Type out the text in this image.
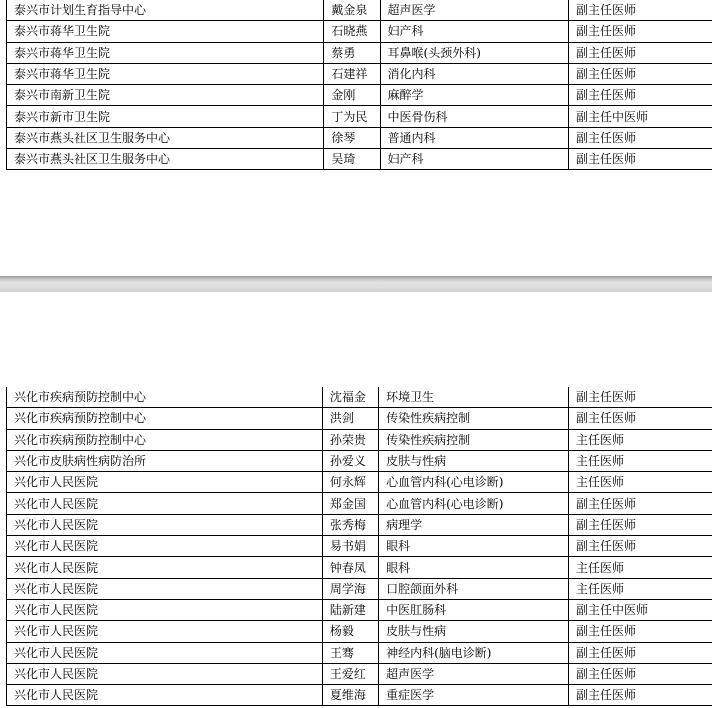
泰兴市计划生育指导中心	戴金泉	超声医学	副主任医师
泰兴市蒋华卫生院	石晓燕	妇产科	副主任医师
泰兴市蒋华卫生院	蔡勇	耳鼻喉(头颈外科)	副主任医师
泰兴市蒋华卫生院	石建祥	消化内科	副主任医师
泰兴市南新卫生院	金刚	麻醉学	副主任医师
泰兴市新市卫生院	丁为民	中医骨伤科	副主任中医师
泰兴市燕头社区卫生服务中心	徐琴	普通内科	副主任医师
泰兴市燕头社区卫生服务中心	吴琦	妇产科	副主任医师
兴化市疾病预防控制中心	沈福金	环境卫生	副主任医师
兴化市疾病预防控制中心	洪剑	传染性疾病控制	副主任医师
兴化市疾病预防控制中心	孙荣贵	传染性疾病控制	主任医师
兴化市皮肤病性病防治所	孙爱义	皮肤与性病	主任医师
兴化市人民医院	何永辉	心血管内科(心电诊断)	主任医师
兴化市人民医院	郑金国	心血管内科(心电诊断)	副主任医师
兴化市人民医院	张秀梅	病理学	副主任医师
兴化市人民医院	易书娟	眼科	副主任医师
兴化市人民医院	钟春凤	眼科	主任医师
兴化市人民医院	周学海	口腔颌面外科	主任医师
兴化市人民医院	陆新建	中医肛肠科	副主任中医师
兴化市人民医院	杨毅	皮肤与性病	副主任医师
兴化市人民医院	王骞	神经内科(脑电诊断)	副主任医师
兴化市人民医院	王爱红	超声医学	副主任医师
兴化市人民医院	夏维海	重症医学	副主任医师
